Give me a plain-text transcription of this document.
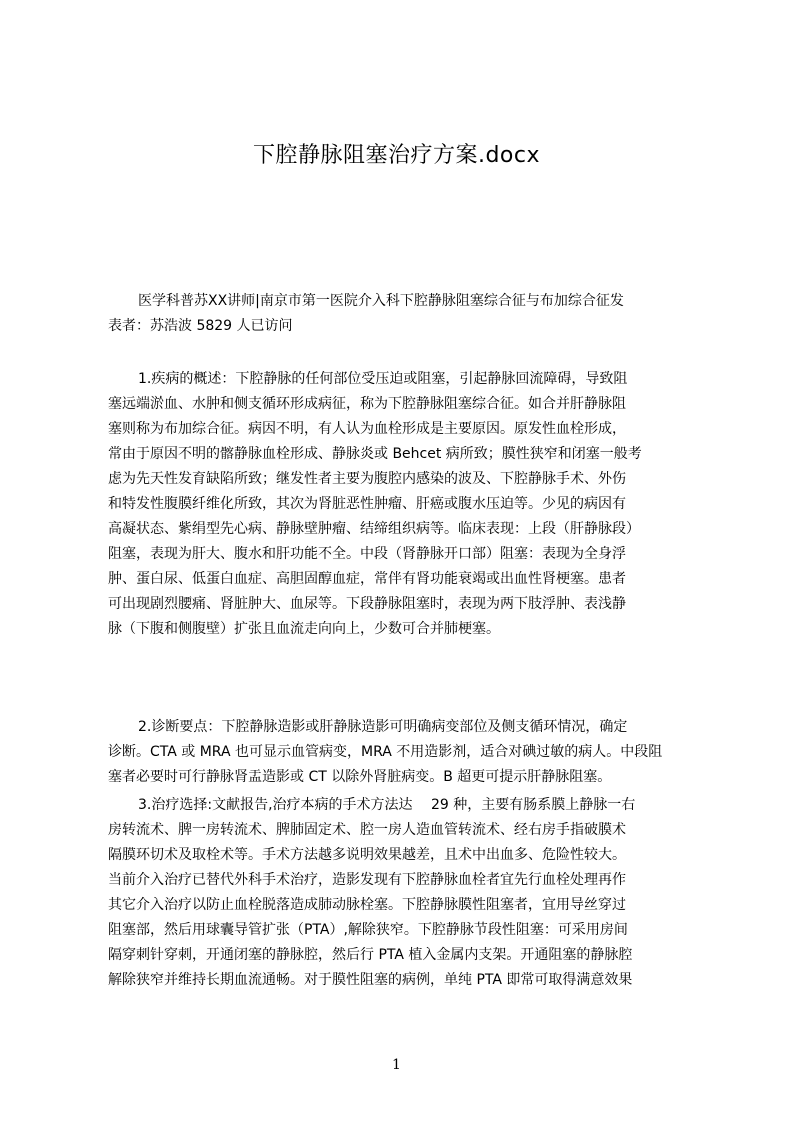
下腔静脉阻塞治疗方案.docx
医学科普苏XX讲师|南京市第一医院介入科下腔静脉阻塞综合征与布加综合征发
表者：苏浩波 5829 人已访问
1.疾病的概述：下腔静脉的任何部位受压迫或阻塞，引起静脉回流障碍，导致阻
塞远端淤血、水肿和侧支循环形成病征，称为下腔静脉阻塞综合征。如合并肝静脉阻
塞则称为布加综合征。病因不明，有人认为血栓形成是主要原因。原发性血栓形成，
常由于原因不明的髂静脉血栓形成、静脉炎或 Behcet 病所致；膜性狭窄和闭塞一般考
虑为先天性发育缺陷所致；继发性者主要为腹腔内感染的波及、下腔静脉手术、外伤
和特发性腹膜纤维化所致，其次为肾脏恶性肿瘤、肝癌或腹水压迫等。少见的病因有
高凝状态、紫绢型先心病、静脉壁肿瘤、结缔组织病等。临床表现：上段（肝静脉段）
阻塞，表现为肝大、腹水和肝功能不全。中段（肾静脉开口部）阻塞：表现为全身浮
肿、蛋白尿、低蛋白血症、高胆固醇血症，常伴有肾功能衰竭或出血性肾梗塞。患者
可出现剧烈腰痛、肾脏肿大、血尿等。下段静脉阻塞时，表现为两下肢浮肿、表浅静
脉（下腹和侧腹壁）扩张且血流走向向上，少数可合并肺梗塞。
2.诊断要点：下腔静脉造影或肝静脉造影可明确病变部位及侧支循环情况，确定
诊断。CTA 或 MRA 也可显示血管病变，MRA 不用造影剂，适合对碘过敏的病人。中段阻
塞者必要时可行静脉肾盂造影或 CT 以除外肾脏病变。B 超更可提示肝静脉阻塞。
3.治疗选择:文献报告,治疗本病的手术方法达　 29 种，主要有肠系膜上静脉一右
房转流术、脾一房转流术、脾肺固定术、腔一房人造血管转流术、经右房手指破膜术
隔膜环切术及取栓术等。手术方法越多说明效果越差，且术中出血多、危险性较大。
当前介入治疗已替代外科手术治疗，造影发现有下腔静脉血栓者宜先行血栓处理再作
其它介入治疗以防止血栓脱落造成肺动脉栓塞。下腔静脉膜性阻塞者，宜用导丝穿过
阻塞部，然后用球囊导管扩张（PTA）,解除狭窄。下腔静脉节段性阻塞：可采用房间
隔穿刺针穿刺，开通闭塞的静脉腔，然后行 PTA 植入金属内支架。开通阻塞的静脉腔
解除狭窄并维持长期血流通畅。对于膜性阻塞的病例，单纯 PTA 即常可取得满意效果
1
